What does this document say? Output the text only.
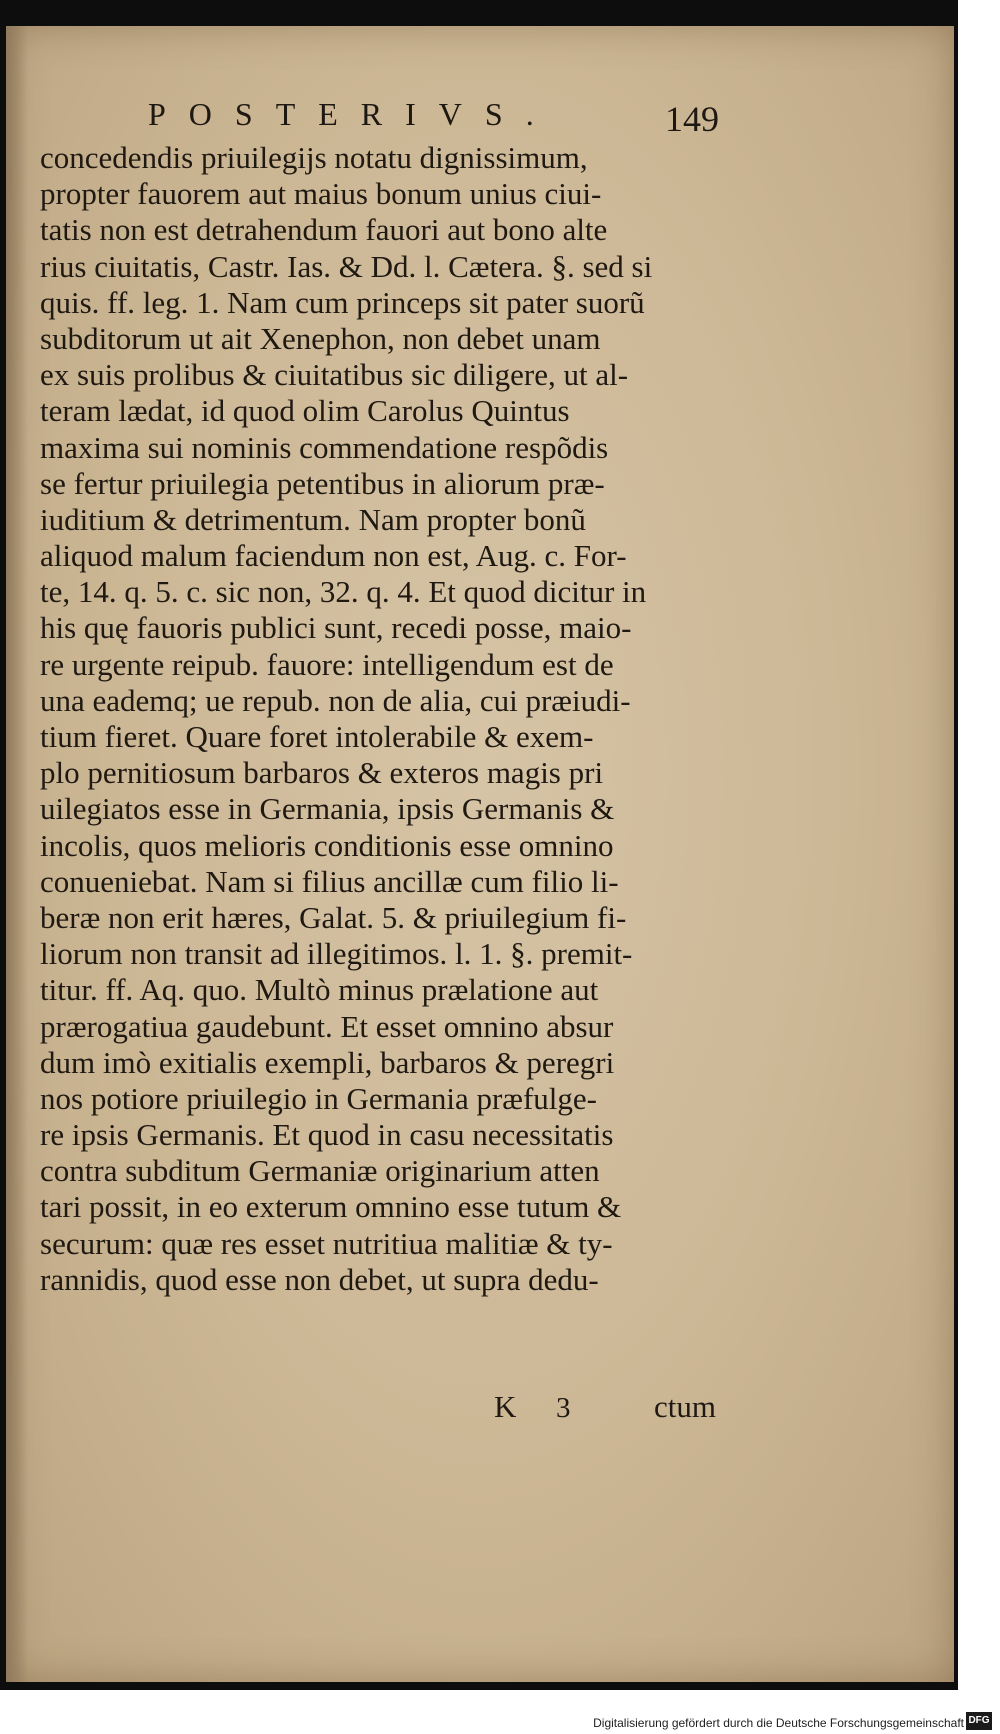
POSTERIVS.	149
concedendis priuilegijs notatu dignissimum,
propter fauorem aut maius bonum unius ciui-
tatis non est detrahendum fauori aut bono alte
rius ciuitatis, Castr. Ias. & Dd. l. Cætera. §. sed si
quis. ff. leg. 1. Nam cum princeps sit pater suorũ
subditorum ut ait Xenephon, non debet unam
ex suis prolibus & ciuitatibus sic diligere, ut al-
teram lædat, id quod olim Carolus Quintus
maxima sui nominis commendatione respõdis
se fertur priuilegia petentibus in aliorum præ-
iuditium & detrimentum. Nam propter bonũ
aliquod malum faciendum non est, Aug. c. For-
te, 14. q. 5. c. sic non, 32. q. 4. Et quod dicitur in
his quę fauoris publici sunt, recedi posse, maio-
re urgente reipub. fauore: intelligendum est de
una eademq; ue repub. non de alia, cui præiudi-
tium fieret. Quare foret intolerabile & exem-
plo pernitiosum barbaros & exteros magis pri
uilegiatos esse in Germania, ipsis Germanis &
incolis, quos melioris conditionis esse omnino
conueniebat. Nam si filius ancillæ cum filio li-
beræ non erit hæres, Galat. 5. & priuilegium fi-
liorum non transit ad illegitimos. l. 1. §. premit-
titur. ff. Aq. quo. Multò minus prælatione aut
prærogatiua gaudebunt. Et esset omnino absur
dum imò exitialis exempli, barbaros & peregri
nos potiore priuilegio in Germania præfulge-
re ipsis Germanis. Et quod in casu necessitatis
contra subditum Germaniæ originarium atten
tari possit, in eo exterum omnino esse tutum &
securum: quæ res esset nutritiua malitiæ & ty-
rannidis, quod esse non debet, ut supra dedu-
K 3	ctum
Digitalisierung gefördert durch die Deutsche Forschungsgemeinschaft DFG
